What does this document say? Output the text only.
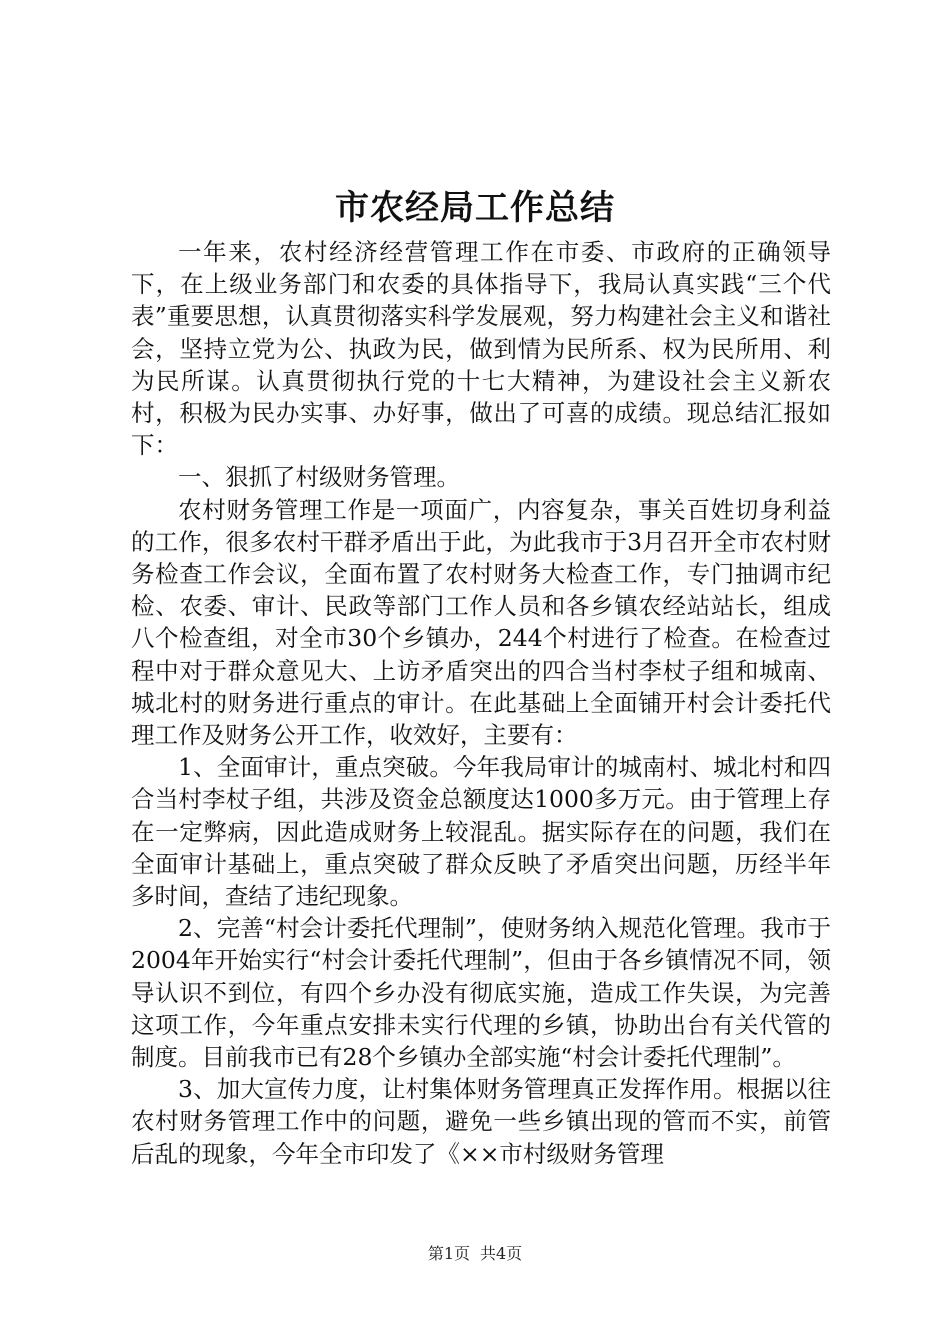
市农经局工作总结

一年来，农村经济经营管理工作在市委、市政府的正确领导下，在上级业务部门和农委的具体指导下，我局认真实践“三个代表”重要思想，认真贯彻落实科学发展观，努力构建社会主义和谐社会，坚持立党为公、执政为民，做到情为民所系、权为民所用、利为民所谋。认真贯彻执行党的十七大精神，为建设社会主义新农村，积极为民办实事、办好事，做出了可喜的成绩。现总结汇报如下：

一、狠抓了村级财务管理。

农村财务管理工作是一项面广，内容复杂，事关百姓切身利益的工作，很多农村干群矛盾出于此，为此我市于3月召开全市农村财务检查工作会议，全面布置了农村财务大检查工作，专门抽调市纪检、农委、审计、民政等部门工作人员和各乡镇农经站站长，组成八个检查组，对全市30个乡镇办，244个村进行了检查。在检查过程中对于群众意见大、上访矛盾突出的四合当村李杖子组和城南、城北村的财务进行重点的审计。在此基础上全面铺开村会计委托代理工作及财务公开工作，收效好，主要有：

1、全面审计，重点突破。今年我局审计的城南村、城北村和四合当村李杖子组，共涉及资金总额度达1000多万元。由于管理上存在一定弊病，因此造成财务上较混乱。据实际存在的问题，我们在全面审计基础上，重点突破了群众反映了矛盾突出问题，历经半年多时间，查结了违纪现象。

2、完善“村会计委托代理制”，使财务纳入规范化管理。我市于2004年开始实行“村会计委托代理制”，但由于各乡镇情况不同，领导认识不到位，有四个乡办没有彻底实施，造成工作失误，为完善这项工作，今年重点安排未实行代理的乡镇，协助出台有关代管的制度。目前我市已有28个乡镇办全部实施“村会计委托代理制”。

3、加大宣传力度，让村集体财务管理真正发挥作用。根据以往农村财务管理工作中的问题，避免一些乡镇出现的管而不实，前管后乱的现象，今年全市印发了《××市村级财务管理

第1页 共4页
